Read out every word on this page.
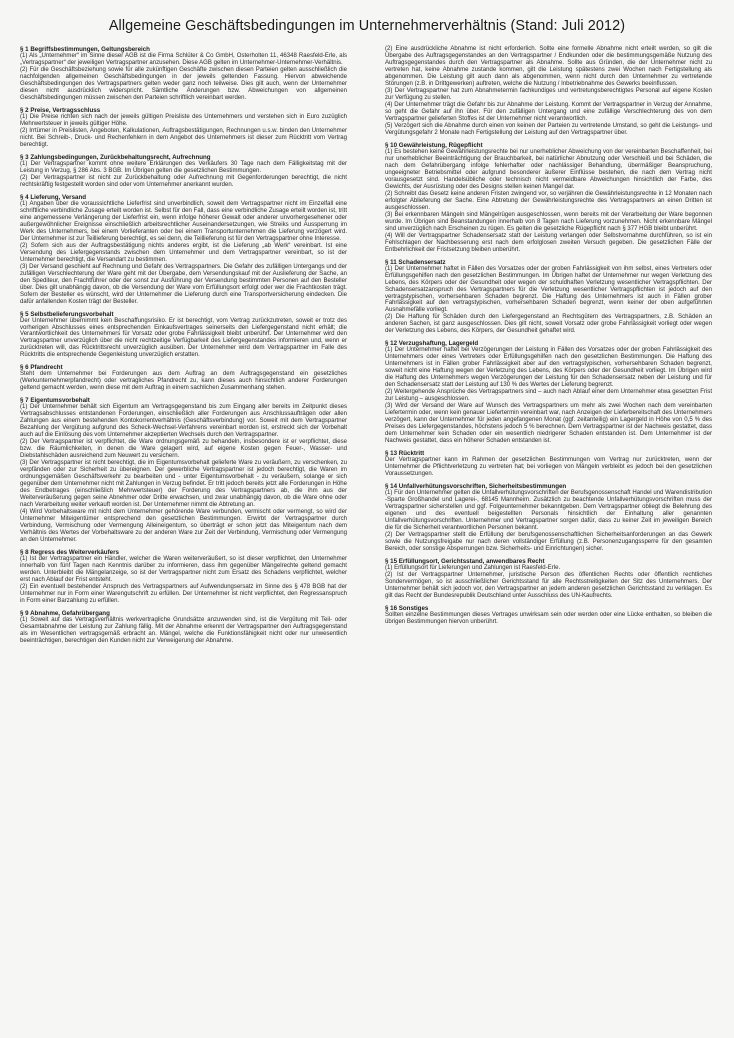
Allgemeine Geschäftsbedingungen im Unternehmerverhältnis (Stand: Juli 2012)
§ 1 Begriffsbestimmungen, Geltungsbereich

(1) Als „Unternehmer“ im Sinne dieser AGB ist die Firma Schlüter & Co GmbH, Osterholten 11, 46348 Raesfeld-Erle, als „Vertragspartner“ der jeweiligen Vertragspartner anzusehen. Diese AGB gelten im Unternehmer-Unternehmer-Verhältnis.

(2) Für die Geschäftsbeziehung sowie für alle zukünftigen Geschäfte zwischen diesen Parteien gelten ausschließlich die nachfolgenden allgemeinen Geschäftsbedingungen in der jeweils geltenden Fassung. Hiervon abweichende Geschäftsbedingungen des Vertragspartners gelten weder ganz noch teilweise. Dies gilt auch, wenn der Unternehmer diesen nicht ausdrücklich widerspricht. Sämtliche Änderungen bzw. Abweichungen von allgemeinen Geschäftsbedingungen müssen zwischen den Parteien schriftlich vereinbart werden.

§ 2 Preise, Vertragsschluss

(1) Die Preise richten sich nach der jeweils gültigen Preisliste des Unternehmers und verstehen sich in Euro zuzüglich Mehrwertsteuer in jeweils gültiger Höhe.

(2) Irrtümer in Preislisten, Angeboten, Kalkulationen, Auftragsbestätigungen, Rechnungen u.s.w. binden den Unternehmer nicht. Bei Schreib-, Druck- und Rechenfehlern in dem Angebot des Unternehmers ist dieser zum Rücktritt vom Vertrag berechtigt.

§ 3 Zahlungsbedingungen, Zurückbehaltungsrecht, Aufrechnung

(1) Der Vertragspartner kommt ohne weitere Erklärungen des Verkäufers 30 Tage nach dem Fälligkeitstag mit der Leistung in Verzug, § 286 Abs. 3 BGB. Im Übrigen gelten die gesetzlichen Bestimmungen.

(2) Der Vertragspartner ist nicht zur Zurückbehaltung oder Aufrechnung mit Gegenforderungen berechtigt, die nicht rechtskräftig festgestellt worden sind oder vom Unternehmer anerkannt wurden.

§ 4 Lieferung, Versand

(1) Angaben über die voraussichtliche Lieferfrist sind unverbindlich, soweit dem Vertragspartner nicht im Einzelfall eine schriftliche verbindliche Zusage erteilt worden ist. Selbst für den Fall, dass eine verbindliche Zusage erteilt worden ist, tritt eine angemessene Verlängerung der Lieferfrist ein, wenn infolge höherer Gewalt oder anderer unvorhergesehener oder außergewöhnlicher Ereignisse einschließlich arbeitsrechtlicher Auseinandersetzungen, wie Streiks und Aussperrung im Werk des Unternehmers, bei einem Vorlieferanten oder bei einem Transportunternehmen die Lieferung verzögert wird. Der Unternehmer ist zur Teillieferung berechtigt, es sei denn, die Teillieferung ist für den Vertragspartner ohne Interesse.

(2) Sofern sich aus der Auftragsbestätigung nichts anderes ergibt, ist die Lieferung „ab Werk“ vereinbart. Ist eine Versendung des Liefergegenstands zwischen dem Unternehmer und dem Vertragspartner vereinbart, so ist der Unternehmer berechtigt, die Versandart zu bestimmen.

(3) Der Versand geschieht auf Rechnung und Gefahr des Vertragspartners. Die Gefahr des zufälligen Untergangs und der zufälligen Verschlechterung der Ware geht mit der Übergabe, dem Versendungskauf mit der Auslieferung der Sache, an den Spediteur, den Frachtführer oder der sonst zur Ausführung der Versendung bestimmten Personen auf den Besteller über. Dies gilt unabhängig davon, ob die Versendung der Ware vom Erfüllungsort erfolgt oder wer die Frachtkosten trägt. Sofern der Besteller es wünscht, wird der Unternehmer die Lieferung durch eine Transportversicherung eindecken. Die dafür anfallenden Kosten trägt der Besteller.

§ 5 Selbstbelieferungsvorbehalt

Der Unternehmer übernimmt kein Beschaffungsrisiko. Er ist berechtigt, vom Vertrag zurückzutreten, soweit er trotz des vorherigen Abschlusses eines entsprechenden Einkaufsvertrages seinerseits den Liefergegenstand nicht erhält; die Verantwortlichkeit des Unternehmers für Vorsatz oder grobe Fahrlässigkeit bleibt unberührt. Der Unternehmer wird den Vertragspartner unverzüglich über die nicht rechtzeitige Verfügbarkeit des Liefergegenstandes informieren und, wenn er zurücktreten will, das Rücktrittsrecht unverzüglich ausüben. Der Unternehmer wird dem Vertragspartner im Falle des Rücktritts die entsprechende Gegenleistung unverzüglich erstatten.

§ 6 Pfandrecht

Steht dem Unternehmer bei Forderungen aus dem Auftrag an dem Auftragsgegenstand ein gesetzliches (Werkunternehmerpfandrecht) oder vertragliches Pfandrecht zu, kann dieses auch hinsichtlich anderer Forderungen geltend gemacht werden, wenn diese mit dem Auftrag in einem sachlichen Zusammenhang stehen.

§ 7 Eigentumsvorbehalt

(1) Der Unternehmer behält sich Eigentum am Vertragsgegenstand bis zum Eingang aller bereits im Zeitpunkt dieses Vertragsabschlusses entstandenen Forderungen, einschließlich aller Forderungen aus Anschlussaufträgen oder allen Zahlungen aus einem bestehenden Kontokorrentverhältnis (Geschäftsverbindung) vor. Soweit mit dem Vertragspartner Bezahlung der Vergütung aufgrund des Scheck-Wechsel-Verfahrens vereinbart worden ist, erstreckt sich der Vorbehalt auch auf die Einlösung des vom Unternehmer akzeptierten Wechsels durch den Vertragspartner.

(2) Der Vertragspartner ist verpflichtet, die Ware ordnungsgemäß zu behandeln, insbesondere ist er verpflichtet, diese bzw. die Räumlichkeiten, in denen die Ware gelagert wird, auf eigene Kosten gegen Feuer-, Wasser- und Diebstahlschäden ausreichend zum Neuwert zu versichern.

(3) Der Vertragspartner ist nicht berechtigt, die im Eigentumsvorbehalt gelieferte Ware zu veräußern, zu verschenken, zu verpfänden oder zur Sicherheit zu übereignen. Der gewerbliche Vertragspartner ist jedoch berechtigt, die Waren im ordnungsgemäßen Geschäftsverkehr zu bearbeiten und - unter Eigentumsvorbehalt - zu veräußern, solange er sich gegenüber dem Unternehmer nicht mit Zahlungen in Verzug befindet. Er tritt jedoch bereits jetzt alle Forderungen in Höhe des Endbetrages (einschließlich Mehrwertsteuer) der Forderung des Vertragspartners ab, die ihm aus der Weiterveräußerung gegen seine Abnehmer oder Dritte erwachsen, und zwar unabhängig davon, ob die Ware ohne oder nach Verarbeitung weiter verkauft worden ist. Der Unternehmer nimmt die Abtretung an.

(4) Wird Vorbehaltsware mit nicht dem Unternehmer gehörende Ware verbunden, vermischt oder vermengt, so wird der Unternehmer Miteigentümer entsprechend den gesetzlichen Bestimmungen. Erwirbt der Vertragspartner durch Verbindung, Vermischung oder Vermengung Alleineigentum, so überträgt er schon jetzt das Miteigentum nach dem Verhältnis des Wertes der Vorbehaltsware zu der anderen Ware zur Zeit der Verbindung, Vermischung oder Vermengung an den Unternehmer.

§ 8 Regress des Weiterverkäufers

(1) Ist der Vertragspartner ein Händler, welcher die Waren weiterveräußert, so ist dieser verpflichtet, den Unternehmer innerhalb von fünf Tagen nach Kenntnis darüber zu informieren, dass ihm gegenüber Mängelrechte geltend gemacht werden. Unterbleibt die Mängelanzeige, so ist der Vertragspartner nicht zum Ersatz des Schadens verpflichtet, welcher erst nach Ablauf der Frist entsteht.

(2) Ein eventuell bestehender Anspruch des Vertragspartners auf Aufwendungsersatz im Sinne des § 478 BGB hat der Unternehmer nur in Form einer Warengutschrift zu erfüllen. Der Unternehmer ist nicht verpflichtet, den Regressanspruch in Form einer Barzahlung zu erfüllen.

§ 9 Abnahme, Gefahrübergang

(1) Soweit auf das Vertragsverhältnis werkvertragliche Grundsätze anzuwenden sind, ist die Vergütung mit Teil- oder Gesamtabnahme der Leistung zur Zahlung fällig. Mit der Abnahme erkennt der Vertragspartner den Auftragsgegenstand als im Wesentlichen vertragsgemäß erbracht an. Mängel, welche die Funktionsfähigkeit nicht oder nur unwesentlich beeinträchtigen, berechtigen den Kunden nicht zur Verweigerung der Abnahme.

(2) Eine ausdrückliche Abnahme ist nicht erforderlich. Sollte eine formelle Abnahme nicht erteilt werden, so gilt die Übergabe des Auftragsgegenstandes an den Vertragspartner / Endkunden oder die bestimmungsgemäße Nutzung des Auftragsgegenstandes durch den Vertragspartner als Abnahme. Sollte aus Gründen, die der Unternehmer nicht zu vertreten hat, keine Abnahme zustande kommen, gilt die Leistung spätestens zwei Wochen nach Fertigstellung als abgenommen. Die Leistung gilt auch dann als abgenommen, wenn nicht durch den Unternehmer zu vertretende Störungen (z.B. in Drittgewerken) auftreten, welche die Nutzung / Inbetriebnahme des Gewerks beeinflussen.

(3) Der Vertragspartner hat zum Abnahmetermin fachkundiges und vertretungsberechtigtes Personal auf eigene Kosten zur Verfügung zu stellen.

(4) Der Unternehmer trägt die Gefahr bis zur Abnahme der Leistung. Kommt der Vertragspartner in Verzug der Annahme, so geht die Gefahr auf ihn über. Für den zufälligen Untergang und eine zufällige Verschlechterung des von dem Vertragspartner gelieferten Stoffes ist der Unternehmer nicht verantwortlich.

(5) Verzögert sich die Abnahme durch einen von keinen der Parteien zu vertretende Umstand, so geht die Leistungs- und Vergütungsgefahr 2 Monate nach Fertigstellung der Leistung auf den Vertragspartner über.

§ 10 Gewährleistung, Rügepflicht

(1) Es bestehen keine Gewährleistungsrechte bei nur unerheblicher Abweichung von der vereinbarten Beschaffenheit, bei nur unerheblicher Beeinträchtigung der Brauchbarkeit, bei natürlicher Abnutzung oder Verschleiß und bei Schäden, die nach dem Gefahrübergang infolge fehlerhafter oder nachlässiger Behandlung, übermäßiger Beanspruchung, ungeeigneter Betriebsmittel oder aufgrund besonderer äußerer Einflüsse bestehen, die nach dem Vertrag nicht vorausgesetzt sind. Handelsübliche oder technisch nicht vermeidbare Abweichungen hinsichtlich der Farbe, des Gewichts, der Ausrüstung oder des Designs stellen keinen Mangel dar.

(2) Schreibt das Gesetz keine anderen Fristen zwingend vor, so verjähren die Gewährleistungsrechte in 12 Monaten nach erfolgter Ablieferung der Sache. Eine Abtretung der Gewährleistungsrechte des Vertragspartners an einen Dritten ist ausgeschlossen.

(3) Bei erkennbaren Mängeln sind Mängelrügen ausgeschlossen, wenn bereits mit der Verarbeitung der Ware begonnen wurde. Im Übrigen sind Beanstandungen innerhalb von 8 Tagen nach Lieferung vorzunehmen. Nicht erkennbare Mängel sind unverzüglich nach Erscheinen zu rügen. Es gelten die gesetzliche Rügepflicht nach § 377 HGB bleibt unberührt.

(4) Will der Vertragspartner Schadensersatz statt der Leistung verlangen oder Selbstvornahme durchführen, so ist ein Fehlschlagen der Nachbesserung erst nach dem erfolglosen zweiten Versuch gegeben. Die gesetzlichen Fälle der Entbehrlichkeit der Fristsetzung bleiben unberührt.

§ 11 Schadensersatz

(1) Der Unternehmer haftet in Fällen des Vorsatzes oder der groben Fahrlässigkeit von ihm selbst, eines Vertreters oder Erfüllungsgehilfen nach den gesetzlichen Bestimmungen. Im Übrigen haftet der Unternehmer nur wegen Verletzung des Lebens, des Körpers oder der Gesundheit oder wegen der schuldhaften Verletzung wesentlicher Vertragspflichten. Der Schadensersatzanspruch des Vertragspartners für die Verletzung wesentlicher Vertragspflichten ist jedoch auf den vertragstypischen, vorhersehbaren Schaden begrenzt. Die Haftung des Unternehmers ist auch in Fällen grober Fahrlässigkeit auf den vertragstypischen, vorhersehbaren Schaden begrenzt, wenn keiner der oben aufgeführten Ausnahmefälle vorliegt.

(2) Die Haftung für Schäden durch den Liefergegenstand an Rechtsgütern des Vertragspartners, z.B. Schäden an anderen Sachen, ist ganz ausgeschlossen. Dies gilt nicht, soweit Vorsatz oder grobe Fahrlässigkeit vorliegt oder wegen der Verletzung des Lebens, des Körpers, der Gesundheit gehaftet wird.

§ 12 Verzugshaftung, Lagergeld

(1) Der Unternehmer haftet bei Verzögerungen der Leistung in Fällen des Vorsatzes oder der groben Fahrlässigkeit des Unternehmers oder eines Vertreters oder Erfüllungsgehilfen nach den gesetzlichen Bestimmungen. Die Haftung des Unternehmers ist in Fällen grober Fahrlässigkeit aber auf den vertragstypischen, vorhersehbaren Schaden begrenzt, soweit nicht eine Haftung wegen der Verletzung des Lebens, des Körpers oder der Gesundheit vorliegt. Im Übrigen wird die Haftung des Unternehmers wegen Verzögerungen der Leistung für den Schadensersatz neben der Leistung und für den Schadensersatz statt der Leistung auf 130 % des Wertes der Lieferung begrenzt.

(2) Weitergehende Ansprüche des Vertragspartners sind – auch nach Ablauf einer dem Unternehmer etwa gesetzten Frist zur Leistung – ausgeschlossen.

(3) Wird der Versand der Ware auf Wunsch des Vertragspartners um mehr als zwei Wochen nach dem vereinbarten Liefertermin oder, wenn kein genauer Liefertermin vereinbart war, nach Anzeigen der Lieferbereitschaft des Unternehmers verzögert, kann der Unternehmer für jeden angefangenen Monat (ggf. zeitanteilig) ein Lagergeld in Höhe von 0,5 % des Preises des Liefergegenstandes, höchstens jedoch 5 % berechnen. Dem Vertragspartner ist der Nachweis gestattet, dass dem Unternehmer kein Schaden oder ein wesentlich niedrigerer Schaden entstanden ist. Dem Unternehmer ist der Nachweis gestattet, dass ein höherer Schaden entstanden ist.

§ 13 Rücktritt

Der Vertragspartner kann im Rahmen der gesetzlichen Bestimmungen vom Vertrag nur zurücktreten, wenn der Unternehmer die Pflichtverletzung zu vertreten hat; bei vorliegen von Mängeln verbleibt es jedoch bei den gesetzlichen Voraussetzungen.

§ 14 Unfallverhütungsvorschriften, Sicherheitsbestimmungen

(1) Für den Unternehmer gelten die Unfallverhütungsvorschriften der Berufsgenossenschaft Handel und Warendistribution -Sparte Großhandel und Lagerei-, 68145 Mannheim. Zusätzlich zu beachtende Unfallverhütungsvorschriften muss der Vertragspartner sicherstellen und ggf. Folgeunternehmer bekanntgeben. Dem Vertragspartner obliegt die Belehrung des eigenen und des eventuell beigestellten Personals hinsichtlich der Einhaltung aller genannten Unfallverhütungsvorschriften. Unternehmer und Vertragspartner sorgen dafür, dass zu keiner Zeit im jeweiligen Bereich die für die Sicherheit verantwortlichen Personen bekannt.

(2) Der Vertragspartner stellt die Erfüllung der berufsgenossenschaftlichen Sicherheitsanforderungen an das Gewerk sowie die Nutzungsfreigabe nur nach deren vollständiger Erfüllung (z.B. Personenzugangssperre für den gesamten Bereich, oder sonstige Absperrungen bzw. Sicherheits- und Einrichtungen) sicher.

§ 15 Erfüllungsort, Gerichtsstand, anwendbares Recht

(1) Erfüllungsort für Lieferungen und Zahlungen ist Raesfeld-Erle.

(2) Ist der Vertragspartner Unternehmer, juristische Person des öffentlichen Rechts oder öffentlich rechtliches Sondervermögen, so ist ausschließlicher Gerichtsstand für alle Rechtsstreitigkeiten der Sitz des Unternehmers. Der Unternehmer behält sich jedoch vor, den Vertragspartner an jedem anderen gesetzlichen Gerichtsstand zu verklagen. Es gilt das Recht der Bundesrepublik Deutschland unter Ausschluss des UN-Kaufrechts.

§ 16 Sonstiges

Sollten einzelne Bestimmungen dieses Vertrages unwirksam sein oder werden oder eine Lücke enthalten, so bleiben die übrigen Bestimmungen hiervon unberührt.
